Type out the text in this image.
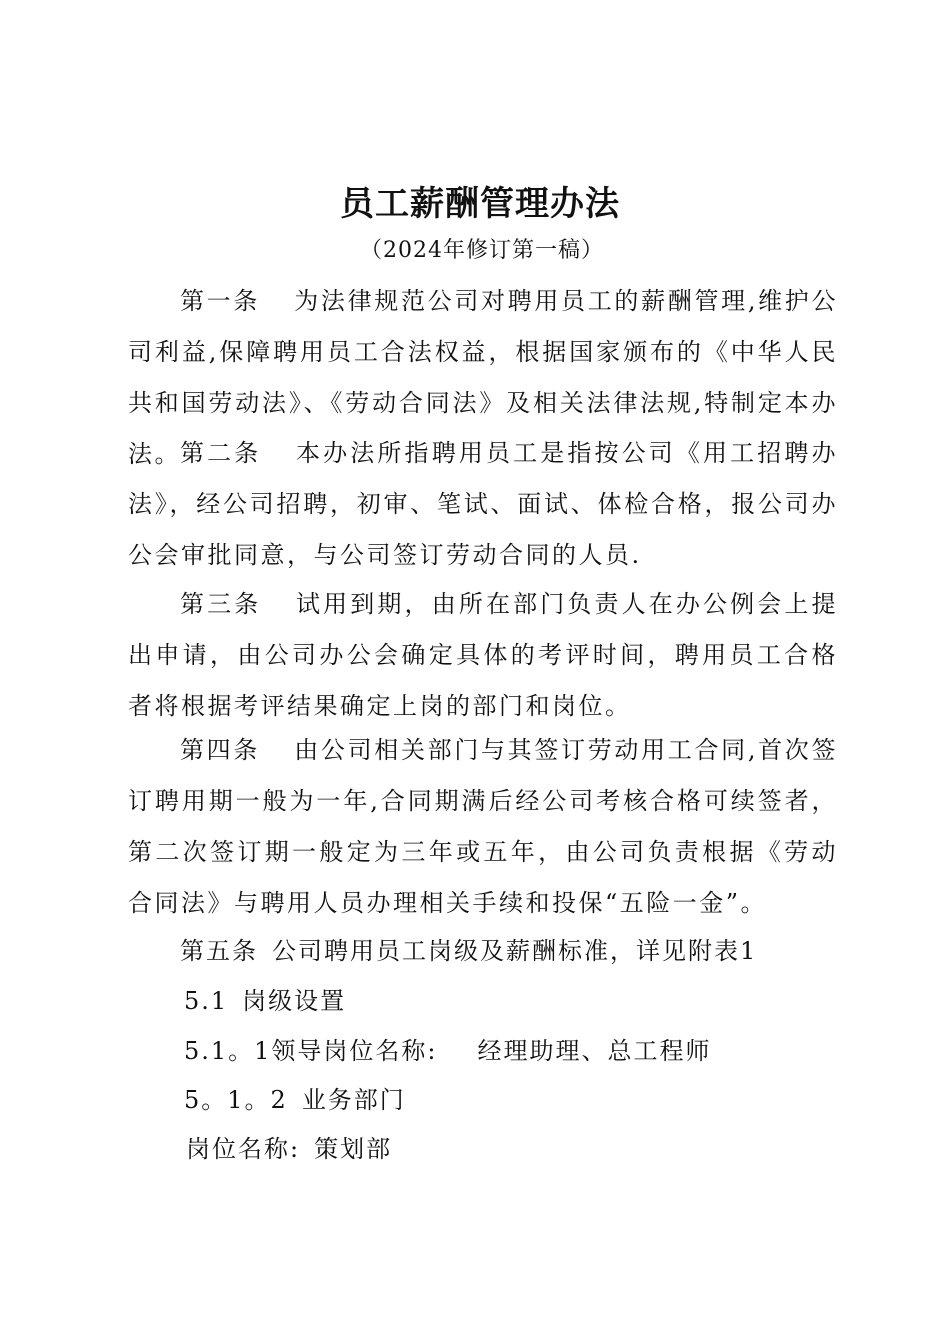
员工薪酬管理办法
（2024年修订第一稿）

第一条 为法律规范公司对聘用员工的薪酬管理,维护公司利益,保障聘用员工合法权益，根据国家颁布的《中华人民共和国劳动法》、《劳动合同法》及相关法律法规,特制定本办法。 第二条 本办法所指聘用员工是指按公司《用工招聘办法》，经公司招聘，初审、笔试、面试、体检合格，报公司办公会审批同意，与公司签订劳动合同的人员.

第三条 试用到期，由所在部门负责人在办公例会上提出申请，由公司办公会确定具体的考评时间，聘用员工合格者将根据考评结果确定上岗的部门和岗位。

第四条 由公司相关部门与其签订劳动用工合同,首次签订聘用期一般为一年,合同期满后经公司考核合格可续签者，第二次签订期一般定为三年或五年，由公司负责根据《劳动合同法》与聘用人员办理相关手续和投保“五险一金”。

第五条 公司聘用员工岗级及薪酬标准，详见附表1
5.1 岗级设置
5.1。1领导岗位名称: 经理助理、总工程师
5。1。2 业务部门
岗位名称: 策划部
